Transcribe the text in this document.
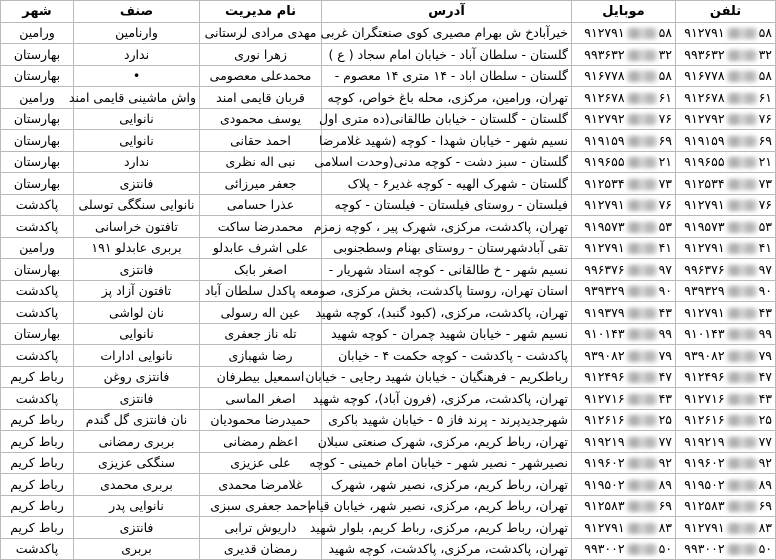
تلفن	موبایل	آدرس	نام مدیریت	صنف	شهر
۹۱۲۷۹۱ ۵۸	۹۱۲۷۹۱ ۵۸	خیرآباد‌خ ش بهرام مصیری کوی صنعتگران غربی	مهدی مرادی لرستانی	وارنامین	ورامین
۹۹۳۶۳۲ ۳۲	۹۹۳۶۳۲ ۳۲	گلستان - سلطان آباد - خیابان امام سجاد ( ع )	زهرا نوری	ندارد	بهارستان
۹۱۶۷۷۸ ۵۸	۹۱۶۷۷۸ ۵۸	گلستان - سلطان اباد - ۱۴ متری ۱۴ معصوم -	محمدعلی معصومی	•	بهارستان
۹۱۲۶۷۸ ۶۱	۹۱۲۶۷۸ ۶۱	تهران، ورامین، مرکزی، محله باغ خواص، کوچه	قربان قایمی امند	واش ماشینی قایمی امند	ورامین
۹۱۲۷۹۲ ۷۶	۹۱۲۷۹۲ ۷۶	گلستان - گلستان - خیابان طالقانی(ده متری اول	یوسف محمودی	نانوایی	بهارستان
۹۱۹۱۵۹ ۶۹	۹۱۹۱۵۹ ۶۹	نسیم شهر - خیابان شهدا - کوچه (شهید غلامرضا	احمد حقانی	نانوایی	بهارستان
۹۱۹۶۵۵ ۲۱	۹۱۹۶۵۵ ۲۱	گلستان - سبز دشت - کوچه مدنی(وحدت اسلامی	نبی اله نظری	ندارد	بهارستان
۹۱۲۵۳۴ ۷۳	۹۱۲۵۳۴ ۷۳	گلستان - شهرک الهیه - کوچه غدیر۶ - پلاک	جعفر میرزائی	فانتزی	بهارستان
۹۱۲۷۹۱ ۷۶	۹۱۲۷۹۱ ۷۶	فیلستان - روستای فیلستان - فیلستان - کوچه	عذرا حسامی	نانوایی سنگگی توسلی	پاکدشت
۹۱۹۵۷۳ ۵۳	۹۱۹۵۷۳ ۵۳	تهران، پاکدشت، مرکزی، شهرک پیر ، کوچه زمزم	محمدرضا ساکت	تافتون خراسانی	پاکدشت
۹۱۲۷۹۱ ۴۱	۹۱۲۷۹۱ ۴۱	تقی آبادشهرستان - روستای بهنام وسطجنوبی	علی اشرف عابدلو	بربری عابدلو ۱۹۱	ورامین
۹۹۶۳۷۶ ۹۷	۹۹۶۳۷۶ ۹۷	نسیم شهر - خ طالقانی - کوچه استاد شهریار -	اصغر بابک	فانتزی	بهارستان
۹۳۹۳۲۹ ۹۰	۹۳۹۳۲۹ ۹۰	استان تهران، روستا پاکدشت، بخش مرکزی، صومعه پاکدل سلطان آباد		تافتون آزاد پز	پاکدشت
۹۱۲۷۹۱ ۴۳	۹۱۹۳۷۹ ۴۳	تهران، پاکدشت، مرکزی، (کبود گنبد)، کوچه شهید	عین اله رسولی	نان لواشی	پاکدشت
۹۱۰۱۴۳ ۹۹	۹۱۰۱۴۳ ۹۹	نسیم شهر - خیابان شهید چمران - کوچه شهید	تله ناز جعفری	نانوایی	بهارستان
۹۳۹۰۸۲ ۷۹	۹۳۹۰۸۲ ۷۹	پاکدشت - پاکدشت - کوچه حکمت ۴ - خیابان	رضا شهبازی	نانوایی ادارات	پاکدشت
۹۱۲۴۹۶ ۴۷	۹۱۲۴۹۶ ۴۷	رباطکریم - فرهنگیان - خیابان شهید رجایی - خیابان	اسمعیل بیطرفان	فانتزی روغن	رباط کریم
۹۱۲۷۱۶ ۴۳	۹۱۲۷۱۶ ۴۳	تهران، پاکدشت، مرکزی، (فرون آباد)، کوچه شهید	اصغر الماسی	فانتزی	پاکدشت
۹۱۲۶۱۶ ۲۵	۹۱۲۶۱۶ ۲۵	شهرجدیدپرند - پرند فاز ۵ - خیابان شهید باکری	حمیدرضا محمودیان	نان فانتزی گل گندم	رباط کریم
۹۱۹۲۱۹ ۷۷	۹۱۹۲۱۹ ۷۷	تهران، رباط کریم، مرکزی، شهرک صنعتی سبلان	اعظم رمضانی	بربری رمضانی	رباط کریم
۹۱۹۶۰۲ ۹۲	۹۱۹۶۰۲ ۹۲	نصیرشهر - نصیر شهر - خیابان امام خمینی - کوچه	علی عزیزی	سنگکی عزیزی	رباط کریم
۹۱۹۵۰۲ ۸۹	۹۱۹۵۰۲ ۸۹	تهران، رباط کریم، مرکزی، نصیر شهر، شهرک	غلامرضا محمدی	بربری محمدی	رباط کریم
۹۱۲۵۸۳ ۶۹	۹۱۲۵۸۳ ۶۹	تهران، رباط کریم، مرکزی، نصیر شهر، خیابان قیام	احمد جعفری سبزی	نانوایی پدر	رباط کریم
۹۱۲۷۹۱ ۸۳	۹۱۲۷۹۱ ۸۳	تهران، رباط کریم، مرکزی، رباط کریم، بلوار شهید	داریوش ترابی	فانتزی	رباط کریم
۹۹۳۰۰۲ ۵۰	۹۹۳۰۰۲ ۵۰	تهران، پاکدشت، مرکزی، پاکدشت، کوچه شهید	رمضان قدیری	بربری	پاکدشت
